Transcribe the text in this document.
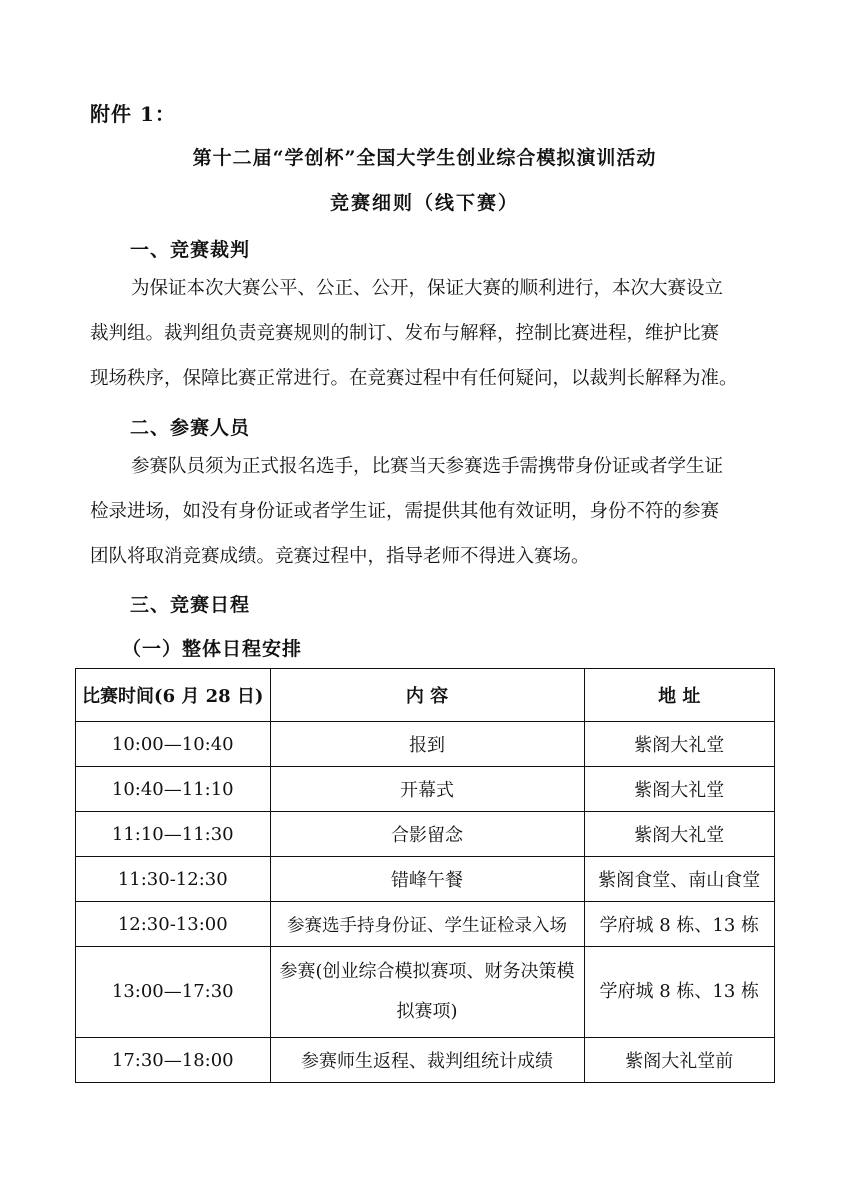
附件 1：
第十二届“学创杯”全国大学生创业综合模拟演训活动
竞赛细则（线下赛）
一、竞赛裁判
为保证本次大赛公平、公正、公开，保证大赛的顺利进行，本次大赛设立
裁判组。裁判组负责竞赛规则的制订、发布与解释，控制比赛进程，维护比赛
现场秩序，保障比赛正常进行。在竞赛过程中有任何疑问，以裁判长解释为准。
二、参赛人员
参赛队员须为正式报名选手，比赛当天参赛选手需携带身份证或者学生证
检录进场，如没有身份证或者学生证，需提供其他有效证明，身份不符的参赛
团队将取消竞赛成绩。竞赛过程中，指导老师不得进入赛场。
三、竞赛日程
（一）整体日程安排
比赛时间(6 月 28 日)	内 容	地 址
10:00—10:40	报到	紫阁大礼堂
10:40—11:10	开幕式	紫阁大礼堂
11:10—11:30	合影留念	紫阁大礼堂
11:30-12:30	错峰午餐	紫阁食堂、南山食堂
12:30-13:00	参赛选手持身份证、学生证检录入场	学府城 8 栋、13 栋
13:00—17:30	参赛(创业综合模拟赛项、财务决策模拟赛项)	学府城 8 栋、13 栋
17:30—18:00	参赛师生返程、裁判组统计成绩	紫阁大礼堂前
